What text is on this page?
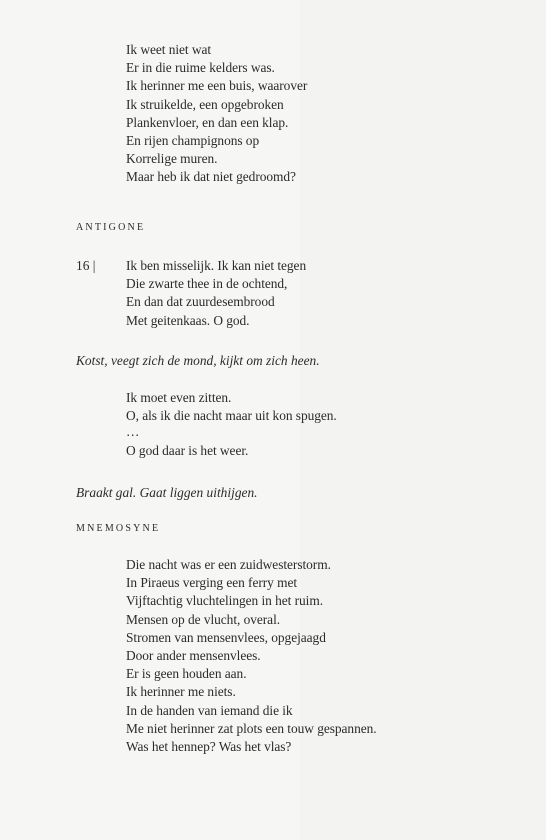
Ik weet niet wat
Er in die ruime kelders was.
Ik herinner me een buis, waarover
Ik struikelde, een opgebroken
Plankenvloer, en dan een klap.
En rijen champignons op
Korrelige muren.
Maar heb ik dat niet gedroomd?
ANTIGONE
16 | Ik ben misselijk. Ik kan niet tegen
Die zwarte thee in de ochtend,
En dan dat zuurdesembrood
Met geitenkaas. O god.
Kotst, veegt zich de mond, kijkt om zich heen.
Ik moet even zitten.
O, als ik die nacht maar uit kon spugen.
…
O god daar is het weer.
Braakt gal. Gaat liggen uithijgen.
MNEMOSYNE
Die nacht was er een zuidwesterstorm.
In Piraeus verging een ferry met
Vijftachtig vluchtelingen in het ruim.
Mensen op de vlucht, overal.
Stromen van mensenvlees, opgejaagd
Door ander mensenvlees.
Er is geen houden aan.
Ik herinner me niets.
In de handen van iemand die ik
Me niet herinner zat plots een touw gespannen.
Was het hennep? Was het vlas?
